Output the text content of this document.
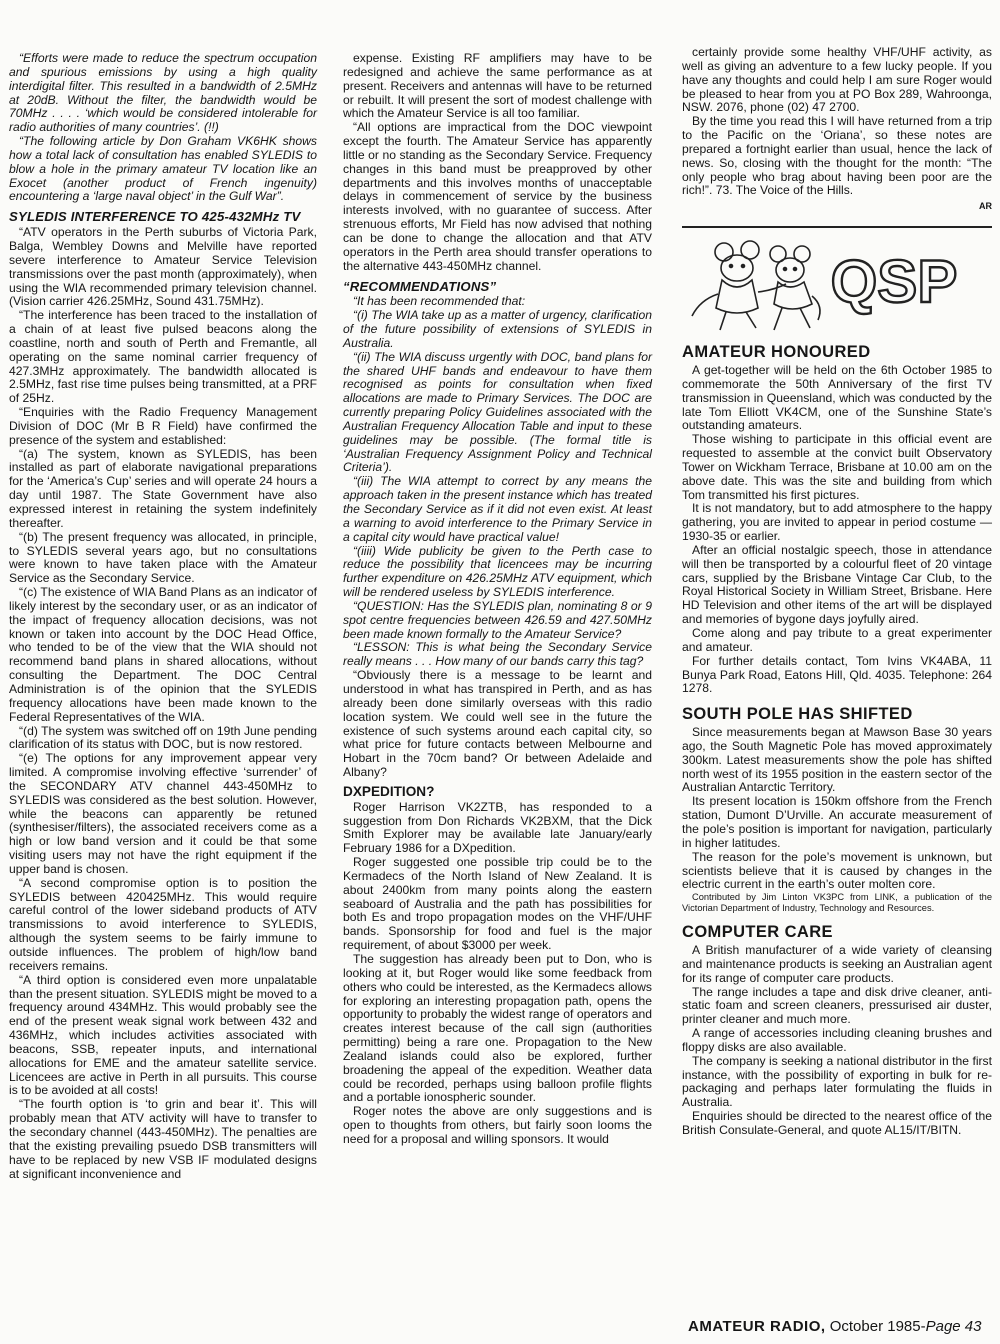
“Efforts were made to reduce the spectrum occupation and spurious emissions by using a high quality interdigital filter. This resulted in a bandwidth of 2.5MHz at 20dB. Without the filter, the bandwidth would be 70MHz . . . . ‘which would be considered intolerable for radio authorities of many countries’. (!!)

“The following article by Don Graham VK6HK shows how a total lack of consultation has enabled SYLEDIS to blow a hole in the primary amateur TV location like an Exocet (another product of French ingenuity) encountering a ‘large naval object’ in the Gulf War”.

SYLEDIS INTERFERENCE TO 425-432MHz TV

“ATV operators in the Perth suburbs of Victoria Park, Balga, Wembley Downs and Melville have reported severe interference to Amateur Service Television transmissions over the past month (approximately), when using the WIA recommended primary television channel. (Vision carrier 426.25MHz, Sound 431.75MHz).

“The interference has been traced to the installation of a chain of at least five pulsed beacons along the coastline, north and south of Perth and Fremantle, all operating on the same nominal carrier frequency of 427.3MHz approximately. The bandwidth allocated is 2.5MHz, fast rise time pulses being transmitted, at a PRF of 25Hz.

“Enquiries with the Radio Frequency Management Division of DOC (Mr B R Field) have confirmed the presence of the system and established:

“(a) The system, known as SYLEDIS, has been installed as part of elaborate navigational preparations for the ‘America’s Cup’ series and will operate 24 hours a day until 1987. The State Government have also expressed interest in retaining the system indefinitely thereafter.

“(b) The present frequency was allocated, in principle, to SYLEDIS several years ago, but no consultations were known to have taken place with the Amateur Service as the Secondary Service.

“(c) The existence of WIA Band Plans as an indicator of likely interest by the secondary user, or as an indicator of the impact of frequency allocation decisions, was not known or taken into account by the DOC Head Office, who tended to be of the view that the WIA should not recommend band plans in shared allocations, without consulting the Department. The DOC Central Administration is of the opinion that the SYLEDIS frequency allocations have been made known to the Federal Representatives of the WIA.

“(d) The system was switched off on 19th June pending clarification of its status with DOC, but is now restored.

“(e) The options for any improvement appear very limited. A compromise involving effective ‘surrender’ of the SECONDARY ATV channel 443-450MHz to SYLEDIS was considered as the best solution. However, while the beacons can apparently be retuned (synthesiser/filters), the associated receivers come as a high or low band version and it could be that some visiting users may not have the right equipment if the upper band is chosen.

“A second compromise option is to position the SYLEDIS between 420425MHz. This would require careful control of the lower sideband products of ATV transmissions to avoid interference to SYLEDIS, although the system seems to be fairly immune to outside influences. The problem of high/low band receivers remains.

“A third option is considered even more unpalatable than the present situation. SYLEDIS might be moved to a frequency around 434MHz. This would probably see the end of the present weak signal work between 432 and 436MHz, which includes activities associated with beacons, SSB, repeater inputs, and international allocations for EME and the amateur satellite service. Licencees are active in Perth in all pursuits. This course is to be avoided at all costs!

“The fourth option is ‘to grin and bear it’. This will probably mean that ATV activity will have to transfer to the secondary channel (443-450MHz). The penalties are that the existing prevailing psuedo DSB transmitters will have to be replaced by new VSB IF modulated designs at significant inconvenience and

expense. Existing RF amplifiers may have to be redesigned and achieve the same performance as at present. Receivers and antennas will have to be returned or rebuilt. It will present the sort of modest challenge with which the Amateur Service is all too familiar.

“All options are impractical from the DOC viewpoint except the fourth. The Amateur Service has apparently little or no standing as the Secondary Service. Frequency changes in this band must be preapproved by other departments and this involves months of unacceptable delays in commencement of service by the business interests involved, with no guarantee of success. After strenuous efforts, Mr Field has now advised that nothing can be done to change the allocation and that ATV operators in the Perth area should transfer operations to the alternative 443-450MHz channel.

“RECOMMENDATIONS”

“It has been recommended that:

“(i) The WIA take up as a matter of urgency, clarification of the future possibility of extensions of SYLEDIS in Australia.

“(ii) The WIA discuss urgently with DOC, band plans for the shared UHF bands and endeavour to have them recognised as points for consultation when fixed allocations are made to Primary Services. The DOC are currently preparing Policy Guidelines associated with the Australian Frequency Allocation Table and input to these guidelines may be possible. (The formal title is ‘Australian Frequency Assignment Policy and Technical Criteria’).

“(iii) The WIA attempt to correct by any means the approach taken in the present instance which has treated the Secondary Service as if it did not even exist. At least a warning to avoid interference to the Primary Service in a capital city would have practical value!

“(iiii) Wide publicity be given to the Perth case to reduce the possibility that licencees may be incurring further expenditure on 426.25MHz ATV equipment, which will be rendered useless by SYLEDIS interference.

“QUESTION: Has the SYLEDIS plan, nominating 8 or 9 spot centre frequencies between 426.59 and 427.50MHz been made known formally to the Amateur Service?

“LESSON: This is what being the Secondary Service really means . . . How many of our bands carry this tag?

“Obviously there is a message to be learnt and understood in what has transpired in Perth, and as has already been done similarly overseas with this radio location system. We could well see in the future the existence of such systems around each capital city, so what price for future contacts between Melbourne and Hobart in the 70cm band? Or between Adelaide and Albany?

DXPEDITION?

Roger Harrison VK2ZTB, has responded to a suggestion from Don Richards VK2BXM, that the Dick Smith Explorer may be available late January/early February 1986 for a DXpedition.

Roger suggested one possible trip could be to the Kermadecs of the North Island of New Zealand. It is about 2400km from many points along the eastern seaboard of Australia and the path has possibilities for both Es and tropo propagation modes on the VHF/UHF bands. Sponsorship for food and fuel is the major requirement, of about $3000 per week.

The suggestion has already been put to Don, who is looking at it, but Roger would like some feedback from others who could be interested, as the Kermadecs allows for exploring an interesting propagation path, opens the opportunity to probably the widest range of operators and creates interest because of the call sign (authorities permitting) being a rare one. Propagation to the New Zealand islands could also be explored, further broadening the appeal of the expedition. Weather data could be recorded, perhaps using balloon profile flights and a portable ionospheric sounder.

Roger notes the above are only suggestions and is open to thoughts from others, but fairly soon looms the need for a proposal and willing sponsors. It would

certainly provide some healthy VHF/UHF activity, as well as giving an adventure to a few lucky people. If you have any thoughts and could help I am sure Roger would be pleased to hear from you at PO Box 289, Wahroonga, NSW. 2076, phone (02) 47 2700.

By the time you read this I will have returned from a trip to the Pacific on the ‘Oriana’, so these notes are prepared a fortnight earlier than usual, hence the lack of news. So, closing with the thought for the month: “The only people who brag about having been poor are the rich!”. 73. The Voice of the Hills.

AR
QSP
AMATEUR HONOURED

A get-together will be held on the 6th October 1985 to commemorate the 50th Anniversary of the first TV transmission in Queensland, which was conducted by the late Tom Elliott VK4CM, one of the Sunshine State’s outstanding amateurs.

Those wishing to participate in this official event are requested to assemble at the convict built Observatory Tower on Wickham Terrace, Brisbane at 10.00 am on the above date. This was the site and building from which Tom transmitted his first pictures.

It is not mandatory, but to add atmosphere to the happy gathering, you are invited to appear in period costume — 1930-35 or earlier.

After an official nostalgic speech, those in attendance will then be transported by a colourful fleet of 20 vintage cars, supplied by the Brisbane Vintage Car Club, to the Royal Historical Society in William Street, Brisbane. Here HD Television and other items of the art will be displayed and memories of bygone days joyfully aired.

Come along and pay tribute to a great experimenter and amateur.

For further details contact, Tom Ivins VK4ABA, 11 Bunya Park Road, Eatons Hill, Qld. 4035. Telephone: 264 1278.

SOUTH POLE HAS SHIFTED

Since measurements began at Mawson Base 30 years ago, the South Magnetic Pole has moved approximately 300km. Latest measurements show the pole has shifted north west of its 1955 position in the eastern sector of the Australian Antarctic Territory.

Its present location is 150km offshore from the French station, Dumont D’Urville. An accurate measurement of the pole’s position is important for navigation, particularly in higher latitudes.

The reason for the pole’s movement is unknown, but scientists believe that it is caused by changes in the electric current in the earth’s outer molten core.

Contributed by Jim Linton VK3PC from LINK, a publication of the Victorian Department of Industry, Technology and Resources.

COMPUTER CARE

A British manufacturer of a wide variety of cleansing and maintenance products is seeking an Australian agent for its range of computer care products.

The range includes a tape and disk drive cleaner, anti-static foam and screen cleaners, pressurised air duster, printer cleaner and much more.

A range of accessories including cleaning brushes and floppy disks are also available.

The company is seeking a national distributor in the first instance, with the possibility of exporting in bulk for re-packaging and perhaps later formulating the fluids in Australia.

Enquiries should be directed to the nearest office of the British Consulate-General, and quote AL15/IT/BITN.

AMATEUR RADIO, October 1985-Page 43
